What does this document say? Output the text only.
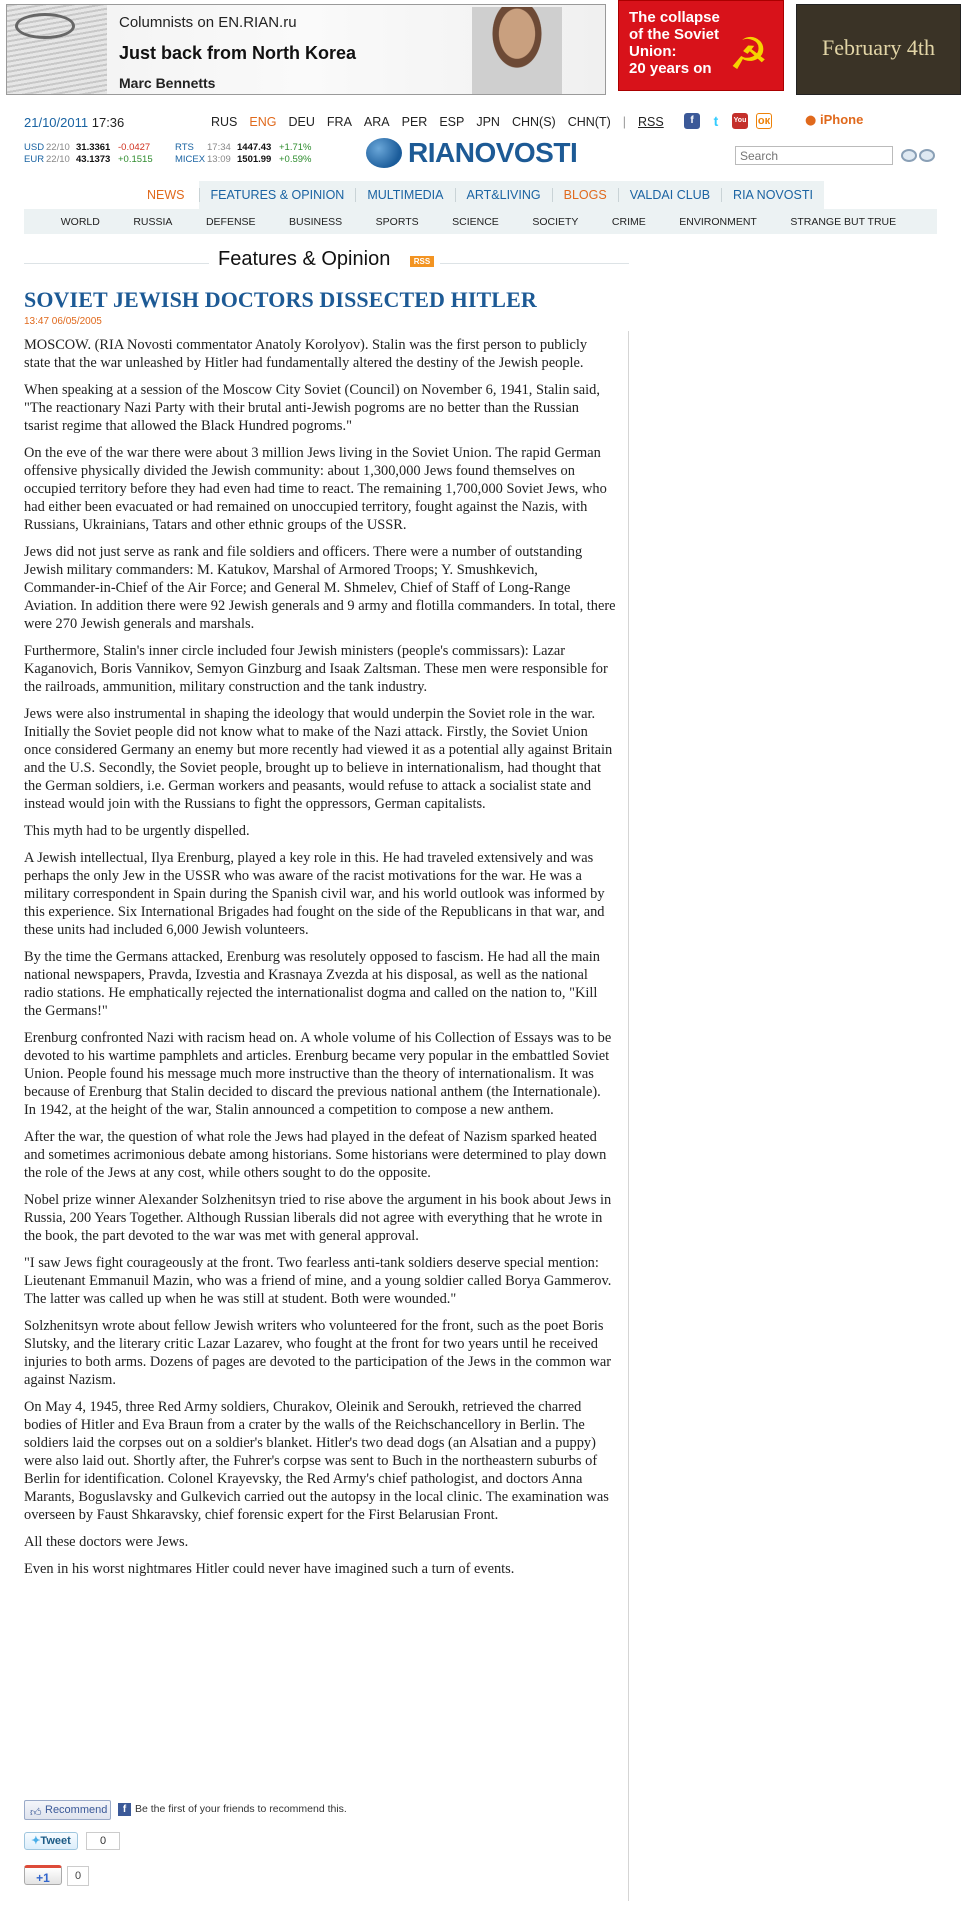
Columnists on EN.RIAN.ru
Just back from North Korea
Marc Bennetts
The collapse
of the Soviet
Union:
20 years on ☭	February 4th
21/10/2011 17:36	RUS ENG DEU FRA ARA PER ESP JPN CHN(S) CHN(T) | RSS	f	t	You ок	● iPhone
USD 22/10 31.3361 -0.0427
EUR 22/10 43.1373 +0.1515
RTS 17:34 1447.43 +1.71%
MICEX 13:09 1501.99 +0.59%	RIANOVOSTI
Search
NEWS	FEATURES & OPINION	MULTIMEDIA	ART&LIVING	BLOGS	VALDAI CLUB	RIA NOVOSTI
WORLD	RUSSIA	DEFENSE	BUSINESS	SPORTS	SCIENCE	SOCIETY	CRIME	ENVIRONMENT	STRANGE BUT TRUE
Features & Opinion	RSS
SOVIET JEWISH DOCTORS DISSECTED HITLER
13:47 06/05/2005

MOSCOW. (RIA Novosti commentator Anatoly Korolyov). Stalin was the first person to publicly state that the war unleashed by Hitler had fundamentally altered the destiny of the Jewish people.

When speaking at a session of the Moscow City Soviet (Council) on November 6, 1941, Stalin said, "The reactionary Nazi Party with their brutal anti-Jewish pogroms are no better than the Russian tsarist regime that allowed the Black Hundred pogroms."

On the eve of the war there were about 3 million Jews living in the Soviet Union. The rapid German offensive physically divided the Jewish community: about 1,300,000 Jews found themselves on occupied territory before they had even had time to react. The remaining 1,700,000 Soviet Jews, who had either been evacuated or had remained on unoccupied territory, fought against the Nazis, with Russians, Ukrainians, Tatars and other ethnic groups of the USSR.

Jews did not just serve as rank and file soldiers and officers. There were a number of outstanding Jewish military commanders: M. Katukov, Marshal of Armored Troops; Y. Smushkevich, Commander-in-Chief of the Air Force; and General M. Shmelev, Chief of Staff of Long-Range Aviation. In addition there were 92 Jewish generals and 9 army and flotilla commanders. In total, there were 270 Jewish generals and marshals.

Furthermore, Stalin's inner circle included four Jewish ministers (people's commissars): Lazar Kaganovich, Boris Vannikov, Semyon Ginzburg and Isaak Zaltsman. These men were responsible for the railroads, ammunition, military construction and the tank industry.

Jews were also instrumental in shaping the ideology that would underpin the Soviet role in the war. Initially the Soviet people did not know what to make of the Nazi attack. Firstly, the Soviet Union once considered Germany an enemy but more recently had viewed it as a potential ally against Britain and the U.S. Secondly, the Soviet people, brought up to believe in internationalism, had thought that the German soldiers, i.e. German workers and peasants, would refuse to attack a socialist state and instead would join with the Russians to fight the oppressors, German capitalists.

This myth had to be urgently dispelled.

A Jewish intellectual, Ilya Erenburg, played a key role in this. He had traveled extensively and was perhaps the only Jew in the USSR who was aware of the racist motivations for the war. He was a military correspondent in Spain during the Spanish civil war, and his world outlook was informed by this experience. Six International Brigades had fought on the side of the Republicans in that war, and these units had included 6,000 Jewish volunteers.

By the time the Germans attacked, Erenburg was resolutely opposed to fascism. He had all the main national newspapers, Pravda, Izvestia and Krasnaya Zvezda at his disposal, as well as the national radio stations. He emphatically rejected the internationalist dogma and called on the nation to, "Kill the Germans!"

Erenburg confronted Nazi with racism head on. A whole volume of his Collection of Essays was to be devoted to his wartime pamphlets and articles. Erenburg became very popular in the embattled Soviet Union. People found his message much more instructive than the theory of internationalism. It was because of Erenburg that Stalin decided to discard the previous national anthem (the Internationale). In 1942, at the height of the war, Stalin announced a competition to compose a new anthem.

After the war, the question of what role the Jews had played in the defeat of Nazism sparked heated and sometimes acrimonious debate among historians. Some historians were determined to play down the role of the Jews at any cost, while others sought to do the opposite.

Nobel prize winner Alexander Solzhenitsyn tried to rise above the argument in his book about Jews in Russia, 200 Years Together. Although Russian liberals did not agree with everything that he wrote in the book, the part devoted to the war was met with general approval.

"I saw Jews fight courageously at the front. Two fearless anti-tank soldiers deserve special mention: Lieutenant Emmanuil Mazin, who was a friend of mine, and a young soldier called Borya Gammerov. The latter was called up when he was still at student. Both were wounded."

Solzhenitsyn wrote about fellow Jewish writers who volunteered for the front, such as the poet Boris Slutsky, and the literary critic Lazar Lazarev, who fought at the front for two years until he received injuries to both arms. Dozens of pages are devoted to the participation of the Jews in the common war against Nazism.

On May 4, 1945, three Red Army soldiers, Churakov, Oleinik and Seroukh, retrieved the charred bodies of Hitler and Eva Braun from a crater by the walls of the Reichschancellory in Berlin. The soldiers laid the corpses out on a soldier's blanket. Hitler's two dead dogs (an Alsatian and a puppy) were also laid out. Shortly after, the Fuhrer's corpse was sent to Buch in the northeastern suburbs of Berlin for identification. Colonel Krayevsky, the Red Army's chief pathologist, and doctors Anna Marants, Boguslavsky and Gulkevich carried out the autopsy in the local clinic. The examination was overseen by Faust Shkaravsky, chief forensic expert for the First Belarusian Front.

All these doctors were Jews.

Even in his worst nightmares Hitler could never have imagined such a turn of events.

👍︎ Recommend	f Be the first of your friends to recommend this.
✦Tweet	0
+1	0
